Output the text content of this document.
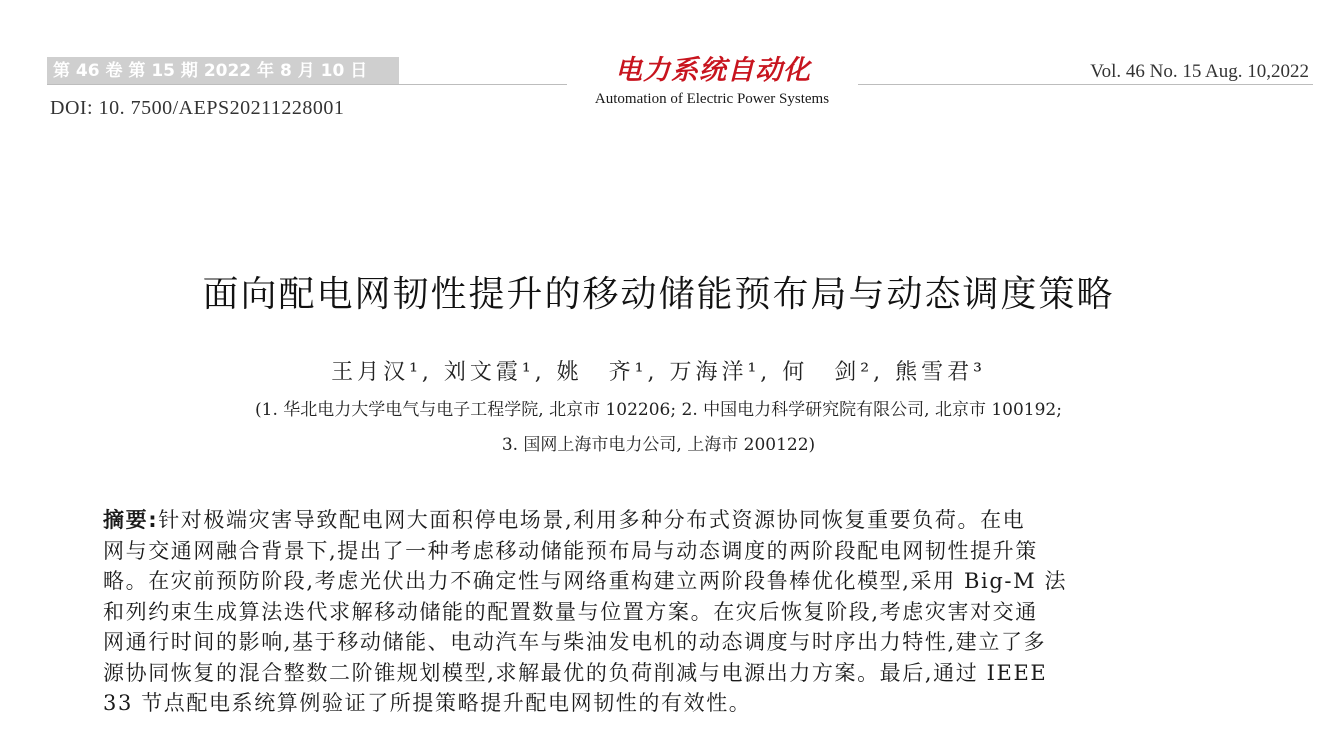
第 46 卷 第 15 期 2022 年 8 月 10 日	电力系统自动化
Automation of Electric Power Systems
Vol. 46 No. 15 Aug. 10,2022
DOI: 10. 7500/AEPS20211228001
面向配电网韧性提升的移动储能预布局与动态调度策略
王月汉¹, 刘文霞¹, 姚　齐¹, 万海洋¹, 何　剑², 熊雪君³
(1. 华北电力大学电气与电子工程学院, 北京市 102206; 2. 中国电力科学研究院有限公司, 北京市 100192;
3. 国网上海市电力公司, 上海市 200122)
摘要:针对极端灾害导致配电网大面积停电场景,利用多种分布式资源协同恢复重要负荷。在电
网与交通网融合背景下,提出了一种考虑移动储能预布局与动态调度的两阶段配电网韧性提升策
略。在灾前预防阶段,考虑光伏出力不确定性与网络重构建立两阶段鲁棒优化模型,采用 Big-M 法
和列约束生成算法迭代求解移动储能的配置数量与位置方案。在灾后恢复阶段,考虑灾害对交通
网通行时间的影响,基于移动储能、电动汽车与柴油发电机的动态调度与时序出力特性,建立了多
源协同恢复的混合整数二阶锥规划模型,求解最优的负荷削减与电源出力方案。最后,通过 IEEE
33 节点配电系统算例验证了所提策略提升配电网韧性的有效性。
